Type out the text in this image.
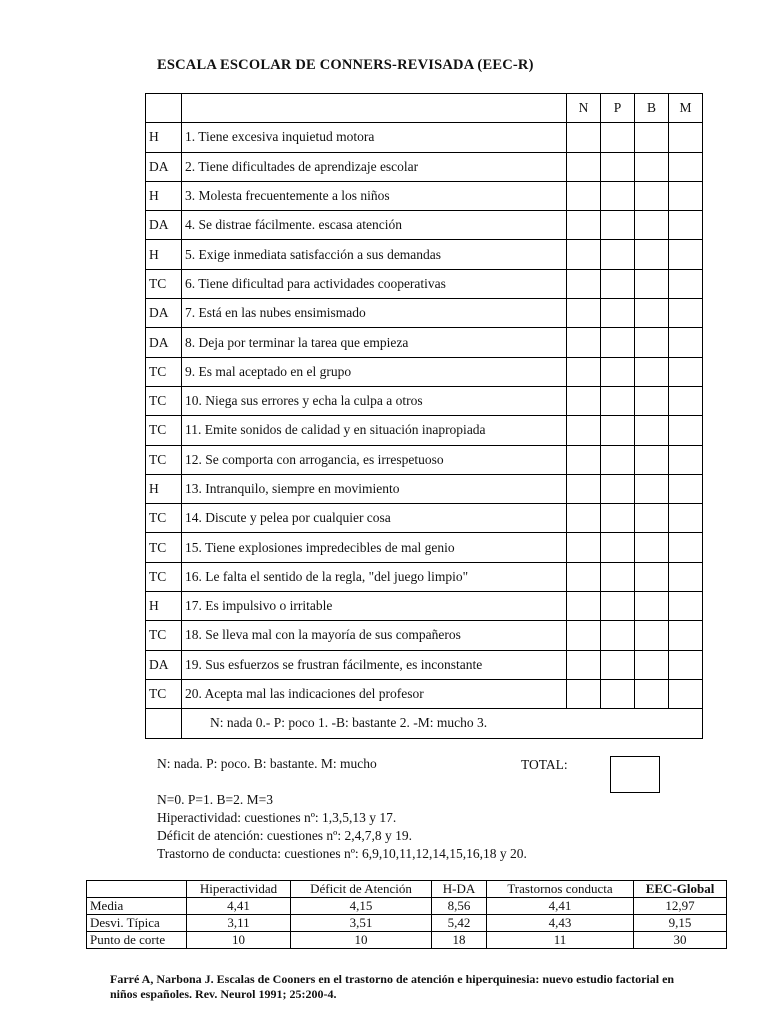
ESCALA ESCOLAR DE CONNERS-REVISADA (EEC-R)
		N	P	B	M
H	1. Tiene excesiva inquietud motora				
DA	2. Tiene dificultades de aprendizaje escolar				
H	3. Molesta frecuentemente a los niños				
DA	4. Se distrae fácilmente. escasa atención				
H	5. Exige inmediata satisfacción a sus demandas				
TC	6. Tiene dificultad para actividades cooperativas				
DA	7. Está en las nubes ensimismado				
DA	8. Deja por terminar la tarea que empieza				
TC	9. Es mal aceptado en el grupo				
TC	10. Niega sus errores y echa la culpa a otros				
TC	11. Emite sonidos de calidad y en situación inapropiada				
TC	12. Se comporta con arrogancia, es irrespetuoso				
H	13. Intranquilo, siempre en movimiento				
TC	14. Discute y pelea por cualquier cosa				
TC	15. Tiene explosiones impredecibles de mal genio				
TC	16. Le falta el sentido de la regla, "del juego limpio"				
H	17. Es impulsivo o irritable				
TC	18. Se lleva mal con la mayoría de sus compañeros				
DA	19. Sus esfuerzos se frustran fácilmente, es inconstante				
TC	20. Acepta mal las indicaciones del profesor				
	N: nada 0.- P: poco 1. -B: bastante 2. -M: mucho 3.				
N: nada. P: poco. B: bastante. M: mucho	TOTAL:
N=0. P=1. B=2. M=3
Hiperactividad: cuestiones nº: 1,3,5,13 y 17.
Déficit de atención: cuestiones nº: 2,4,7,8 y 19.
Trastorno de conducta: cuestiones nº: 6,9,10,11,12,14,15,16,18 y 20.
	Hiperactividad	Déficit de Atención	H-DA	Trastornos conducta	EEC-Global
Media	4,41	4,15	8,56	4,41	12,97
Desvi. Típica	3,11	3,51	5,42	4,43	9,15
Punto de corte	10	10	18	11	30
Farré A, Narbona J. Escalas de Cooners en el trastorno de atención e hiperquinesia: nuevo estudio factorial en niños españoles. Rev. Neurol 1991; 25:200-4.
